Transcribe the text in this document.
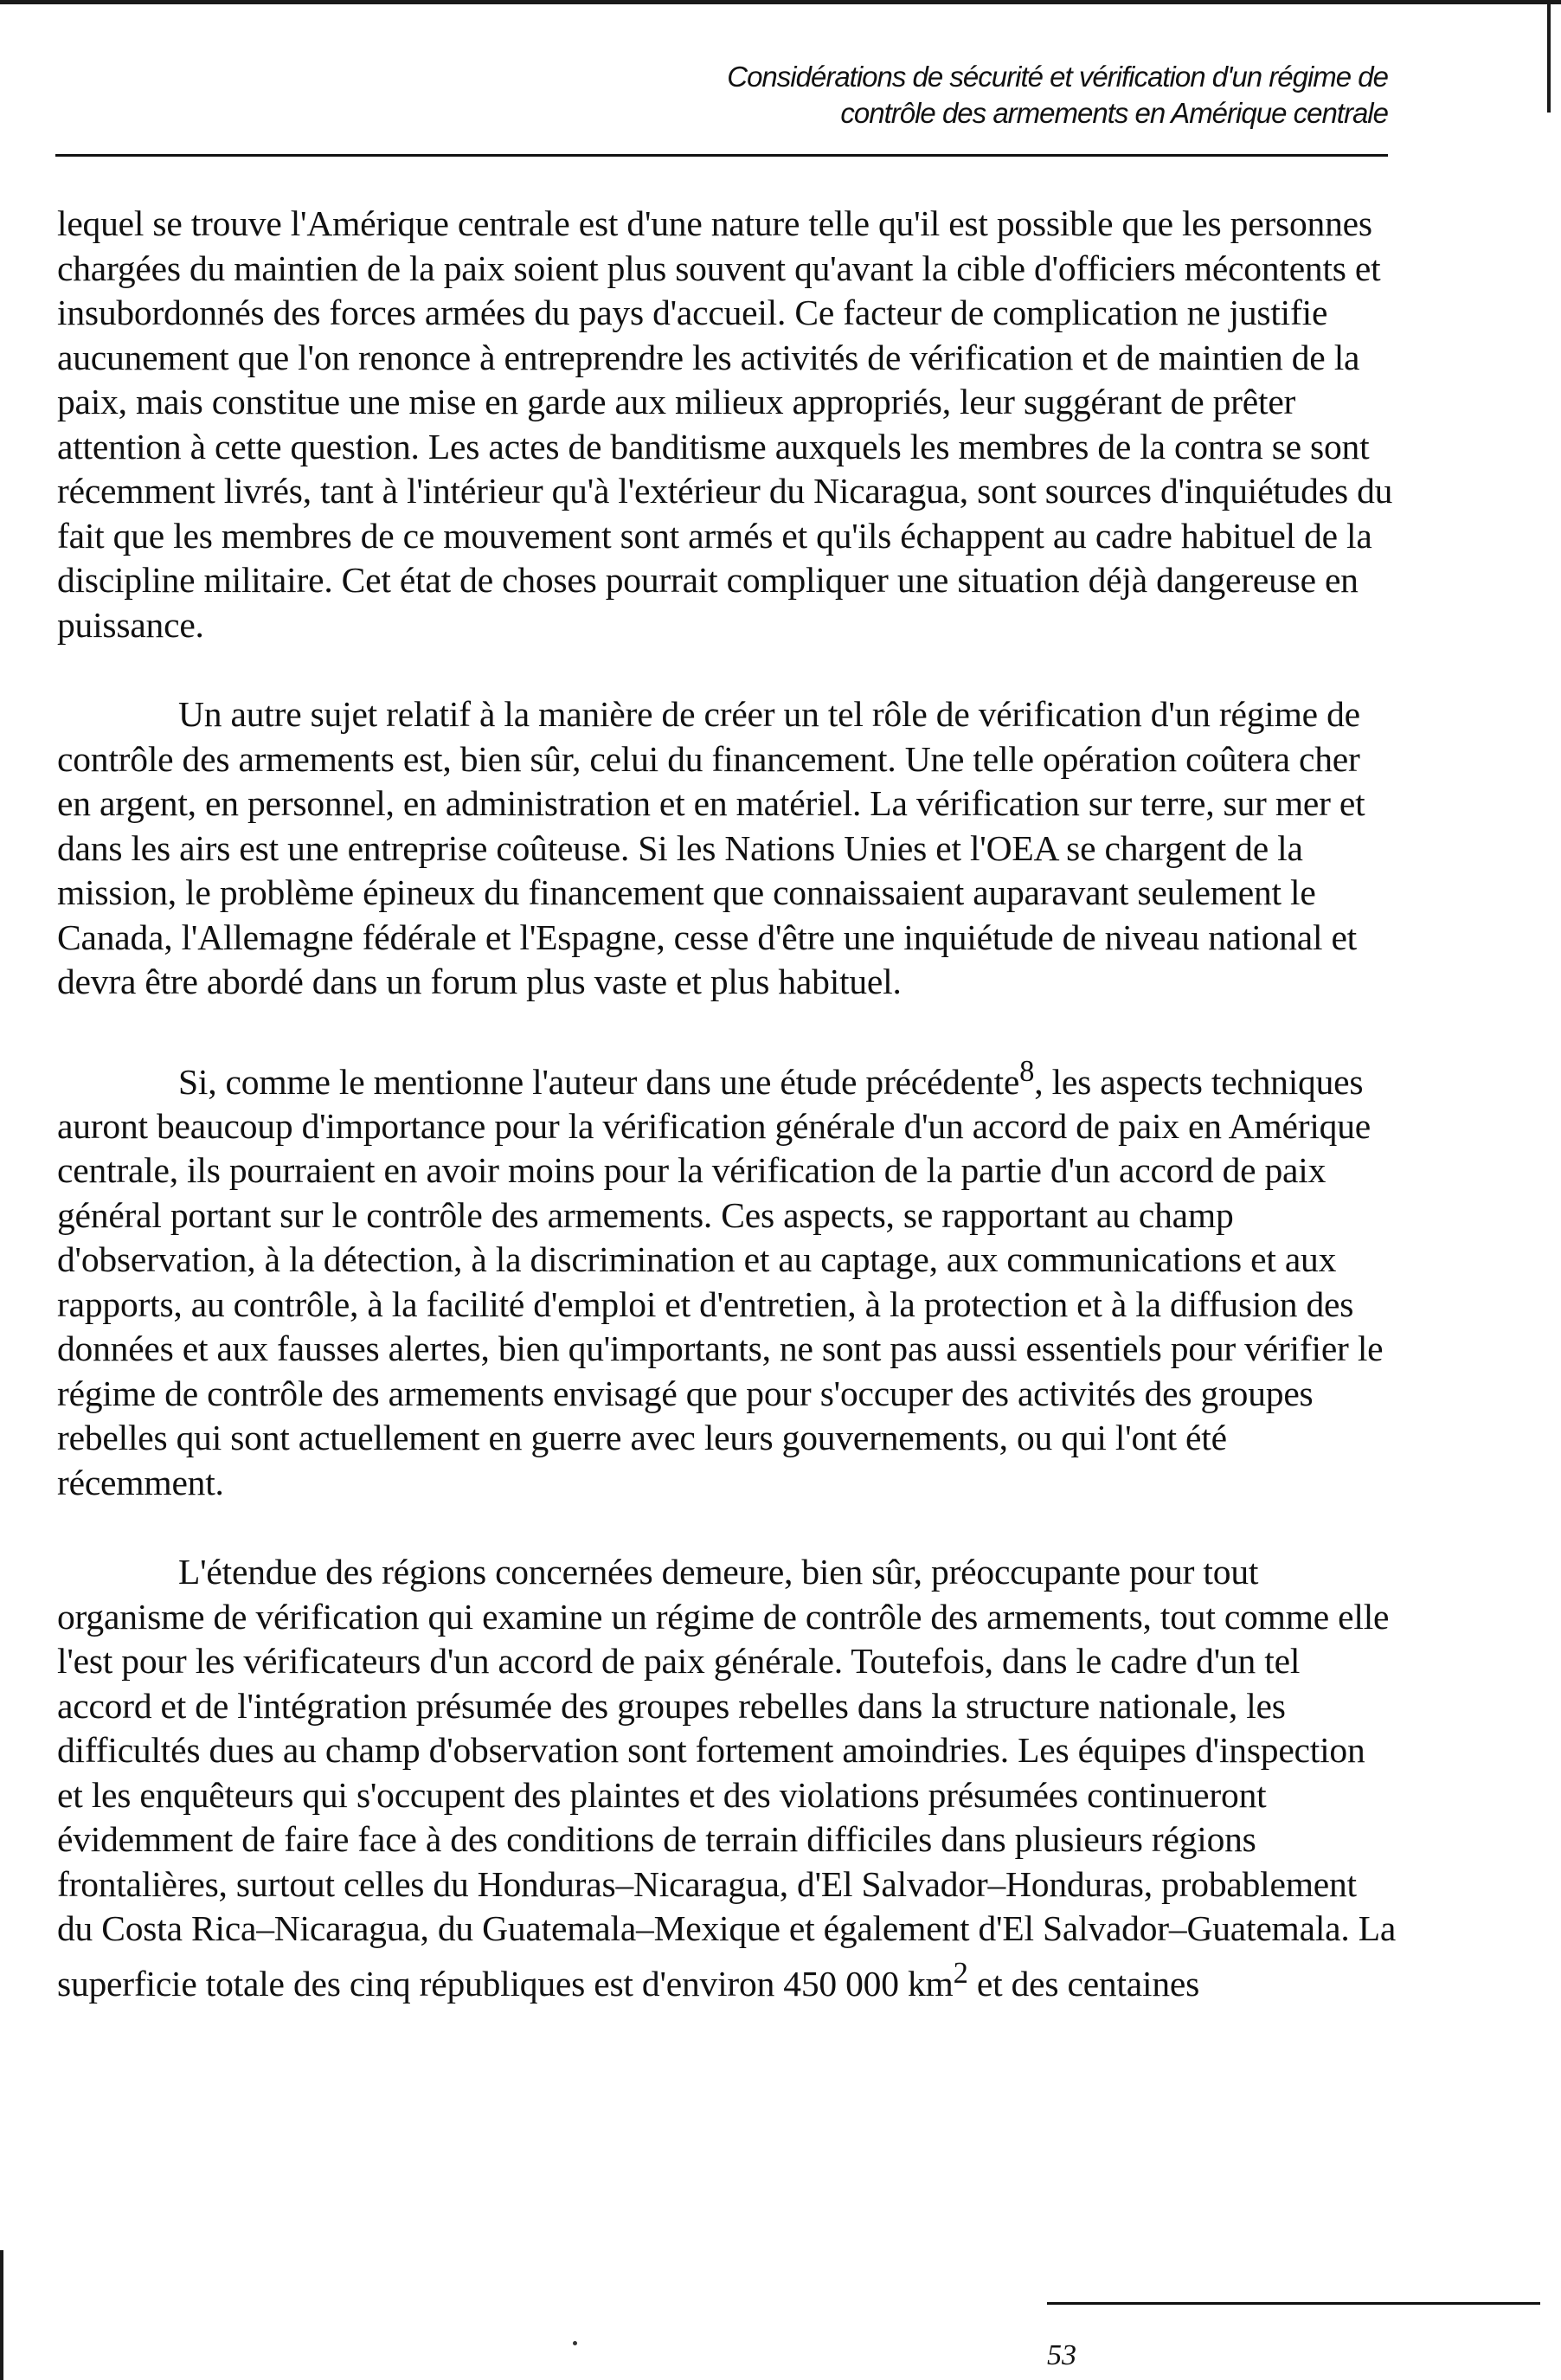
Considérations de sécurité et vérification d'un régime de
contrôle des armements en Amérique centrale

lequel se trouve l'Amérique centrale est d'une nature telle qu'il est possible que les personnes chargées du maintien de la paix soient plus souvent qu'avant la cible d'officiers mécontents et insubordonnés des forces armées du pays d'accueil. Ce facteur de complication ne justifie aucunement que l'on renonce à entreprendre les activités de vérification et de maintien de la paix, mais constitue une mise en garde aux milieux appropriés, leur suggérant de prêter attention à cette question. Les actes de banditisme auxquels les membres de la contra se sont récemment livrés, tant à l'intérieur qu'à l'extérieur du Nicaragua, sont sources d'inquiétudes du fait que les membres de ce mouvement sont armés et qu'ils échappent au cadre habituel de la discipline militaire. Cet état de choses pourrait compliquer une situation déjà dangereuse en puissance.

Un autre sujet relatif à la manière de créer un tel rôle de vérification d'un régime de contrôle des armements est, bien sûr, celui du financement. Une telle opération coûtera cher en argent, en personnel, en administration et en matériel. La vérification sur terre, sur mer et dans les airs est une entreprise coûteuse. Si les Nations Unies et l'OEA se chargent de la mission, le problème épineux du financement que connaissaient auparavant seulement le Canada, l'Allemagne fédérale et l'Espagne, cesse d'être une inquiétude de niveau national et devra être abordé dans un forum plus vaste et plus habituel.

Si, comme le mentionne l'auteur dans une étude précédente$^8$, les aspects techniques auront beaucoup d'importance pour la vérification générale d'un accord de paix en Amérique centrale, ils pourraient en avoir moins pour la vérification de la partie d'un accord de paix général portant sur le contrôle des armements. Ces aspects, se rapportant au champ d'observation, à la détection, à la discrimination et au captage, aux communications et aux rapports, au contrôle, à la facilité d'emploi et d'entretien, à la protection et à la diffusion des données et aux fausses alertes, bien qu'importants, ne sont pas aussi essentiels pour vérifier le régime de contrôle des armements envisagé que pour s'occuper des activités des groupes rebelles qui sont actuellement en guerre avec leurs gouvernements, ou qui l'ont été récemment.

L'étendue des régions concernées demeure, bien sûr, préoccupante pour tout organisme de vérification qui examine un régime de contrôle des armements, tout comme elle l'est pour les vérificateurs d'un accord de paix générale. Toutefois, dans le cadre d'un tel accord et de l'intégration présumée des groupes rebelles dans la structure nationale, les difficultés dues au champ d'observation sont fortement amoindries. Les équipes d'inspection et les enquêteurs qui s'occupent des plaintes et des violations présumées continueront évidemment de faire face à des conditions de terrain difficiles dans plusieurs régions frontalières, surtout celles du Honduras–Nicaragua, d'El Salvador–Honduras, probablement du Costa Rica–Nicaragua, du Guatemala–Mexique et également d'El Salvador–Guatemala. La superficie totale des cinq républiques est d'environ 450 000 $km^2$ et des centaines

53
